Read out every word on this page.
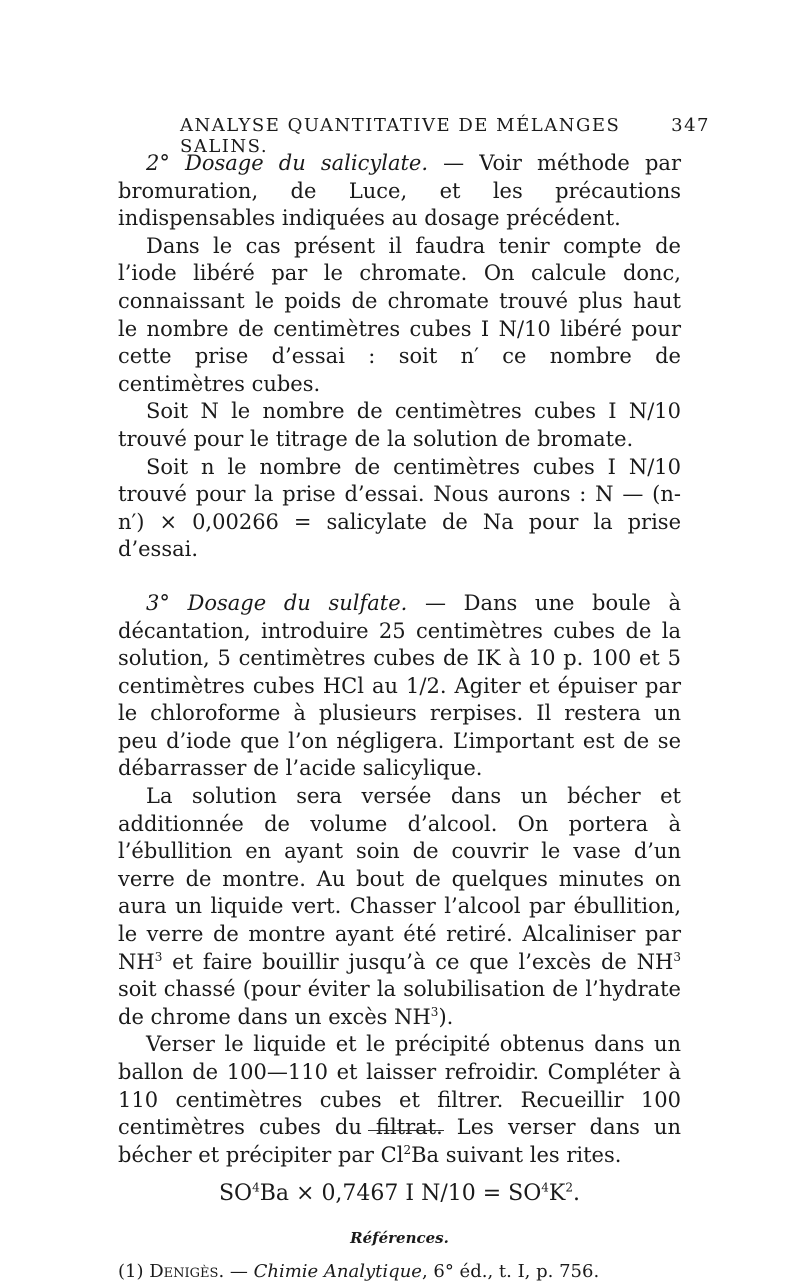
ANALYSE QUANTITATIVE DE MÉLANGES SALINS.
347

2° Dosage du salicylate. — Voir méthode par bromuration, de Luce, et les précautions indispensables indiquées au dosage précédent.

Dans le cas présent il faudra tenir compte de l’iode libéré par le chromate. On calcule donc, connaissant le poids de chromate trouvé plus haut le nombre de centimètres cubes I N/10 libéré pour cette prise d’essai : soit n′ ce nombre de centimètres cubes.

Soit N le nombre de centimètres cubes I N/10 trouvé pour le titrage de la solution de bromate.

Soit n le nombre de centimètres cubes I N/10 trouvé pour la prise d’essai. Nous aurons : N — (n-n′) × 0,00266 = salicylate de Na pour la prise d’essai.

3° Dosage du sulfate. — Dans une boule à décantation, introduire 25 centimètres cubes de la solution, 5 centimètres cubes de IK à 10 p. 100 et 5 centimètres cubes HCl au 1/2. Agiter et épuiser par le chloroforme à plusieurs rerpises. Il restera un peu d’iode que l’on négligera. L’important est de se débarrasser de l’acide salicylique.

La solution sera versée dans un bécher et additionnée de volume d’alcool. On portera à l’ébullition en ayant soin de couvrir le vase d’un verre de montre. Au bout de quelques minutes on aura un liquide vert. Chasser l’alcool par ébullition, le verre de montre ayant été retiré. Alcaliniser par $NH^3$ et faire bouillir jusqu’à ce que l’excès de $NH^3$ soit chassé (pour éviter la solubilisation de l’hydrate de chrome dans un excès $NH^3$).

Verser le liquide et le précipité obtenus dans un ballon de 100—110 et laisser refroidir. Compléter à 110 centimètres cubes et filtrer. Recueillir 100 centimètres cubes du filtrat. Les verser dans un bécher et précipiter par Cl$^2$Ba suivant les rites.

$SO^4Ba \times 0,7467$ I $N/10 = SO^4K^2$.

Références.

(1) Denigès. — Chimie Analytique, 6° éd., t. I, p. 756.
